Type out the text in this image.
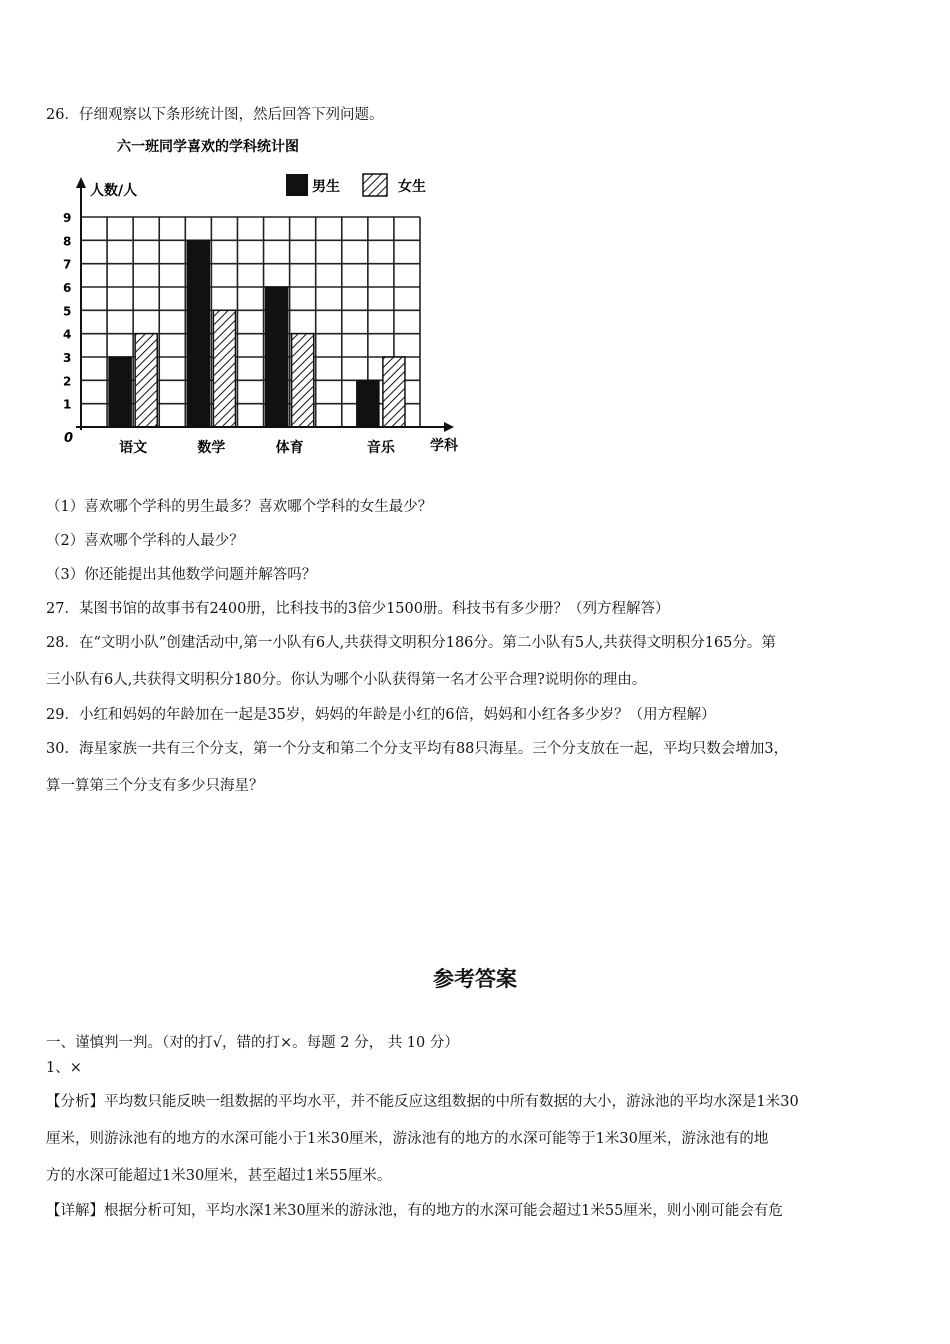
26．仔细观察以下条形统计图，然后回答下列问题。
六一班同学喜欢的学科统计图
人数/人
学科
0
男生	女生
1
2
3
4
5
6
7
8
9
语文	数学	体育	音乐
（1）喜欢哪个学科的男生最多？喜欢哪个学科的女生最少？
（2）喜欢哪个学科的人最少？
（3）你还能提出其他数学问题并解答吗？
27．某图书馆的故事书有2400册，比科技书的3倍少1500册。科技书有多少册？（列方程解答）
28．在“文明小队”创建活动中,第一小队有6人,共获得文明积分186分。第二小队有5人,共获得文明积分165分。第
三小队有6人,共获得文明积分180分。你认为哪个小队获得第一名才公平合理?说明你的理由。
29．小红和妈妈的年龄加在一起是35岁，妈妈的年龄是小红的6倍，妈妈和小红各多少岁？（用方程解）
30．海星家族一共有三个分支，第一个分支和第二个分支平均有88只海星。三个分支放在一起，平均只数会增加3，
算一算第三个分支有多少只海星？
参考答案
一、谨慎判一判。（对的打√，错的打×。每题 2 分， 共 10 分）
1、×
【分析】平均数只能反映一组数据的平均水平，并不能反应这组数据的中所有数据的大小，游泳池的平均水深是1米30
厘米，则游泳池有的地方的水深可能小于1米30厘米，游泳池有的地方的水深可能等于1米30厘米，游泳池有的地
方的水深可能超过1米30厘米，甚至超过1米55厘米。
【详解】根据分析可知，平均水深1米30厘米的游泳池，有的地方的水深可能会超过1米55厘米，则小刚可能会有危
